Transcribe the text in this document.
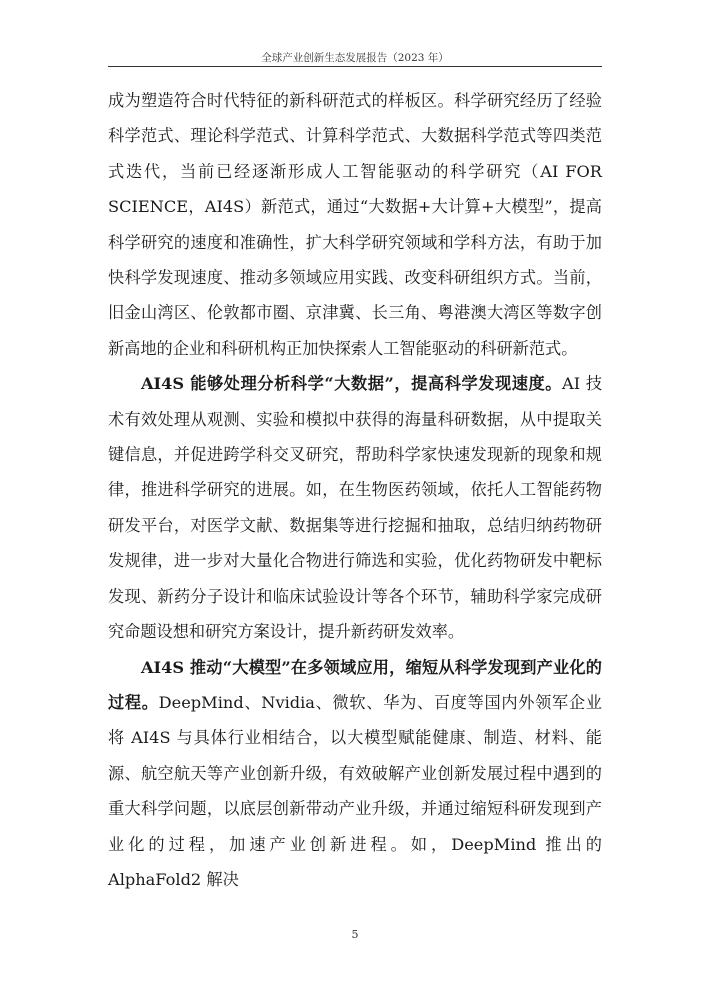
全球产业创新生态发展报告（2023 年）

成为塑造符合时代特征的新科研范式的样板区。科学研究经历了经验科学范式、理论科学范式、计算科学范式、大数据科学范式等四类范式迭代，当前已经逐渐形成人工智能驱动的科学研究（AI FOR SCIENCE，AI4S）新范式，通过“大数据+大计算+大模型”，提高科学研究的速度和准确性，扩大科学研究领域和学科方法，有助于加快科学发现速度、推动多领域应用实践、改变科研组织方式。当前，旧金山湾区、伦敦都市圈、京津冀、长三角、粤港澳大湾区等数字创新高地的企业和科研机构正加快探索人工智能驱动的科研新范式。

AI4S 能够处理分析科学“大数据”，提高科学发现速度。AI 技术有效处理从观测、实验和模拟中获得的海量科研数据，从中提取关键信息，并促进跨学科交叉研究，帮助科学家快速发现新的现象和规律，推进科学研究的进展。如，在生物医药领域，依托人工智能药物研发平台，对医学文献、数据集等进行挖掘和抽取，总结归纳药物研发规律，进一步对大量化合物进行筛选和实验，优化药物研发中靶标发现、新药分子设计和临床试验设计等各个环节，辅助科学家完成研究命题设想和研究方案设计，提升新药研发效率。

AI4S 推动“大模型”在多领域应用，缩短从科学发现到产业化的过程。DeepMind、Nvidia、微软、华为、百度等国内外领军企业将 AI4S 与具体行业相结合，以大模型赋能健康、制造、材料、能源、航空航天等产业创新升级，有效破解产业创新发展过程中遇到的重大科学问题，以底层创新带动产业升级，并通过缩短科研发现到产业化的过程，加速产业创新进程。如，DeepMind 推出的 AlphaFold2 解决

5
